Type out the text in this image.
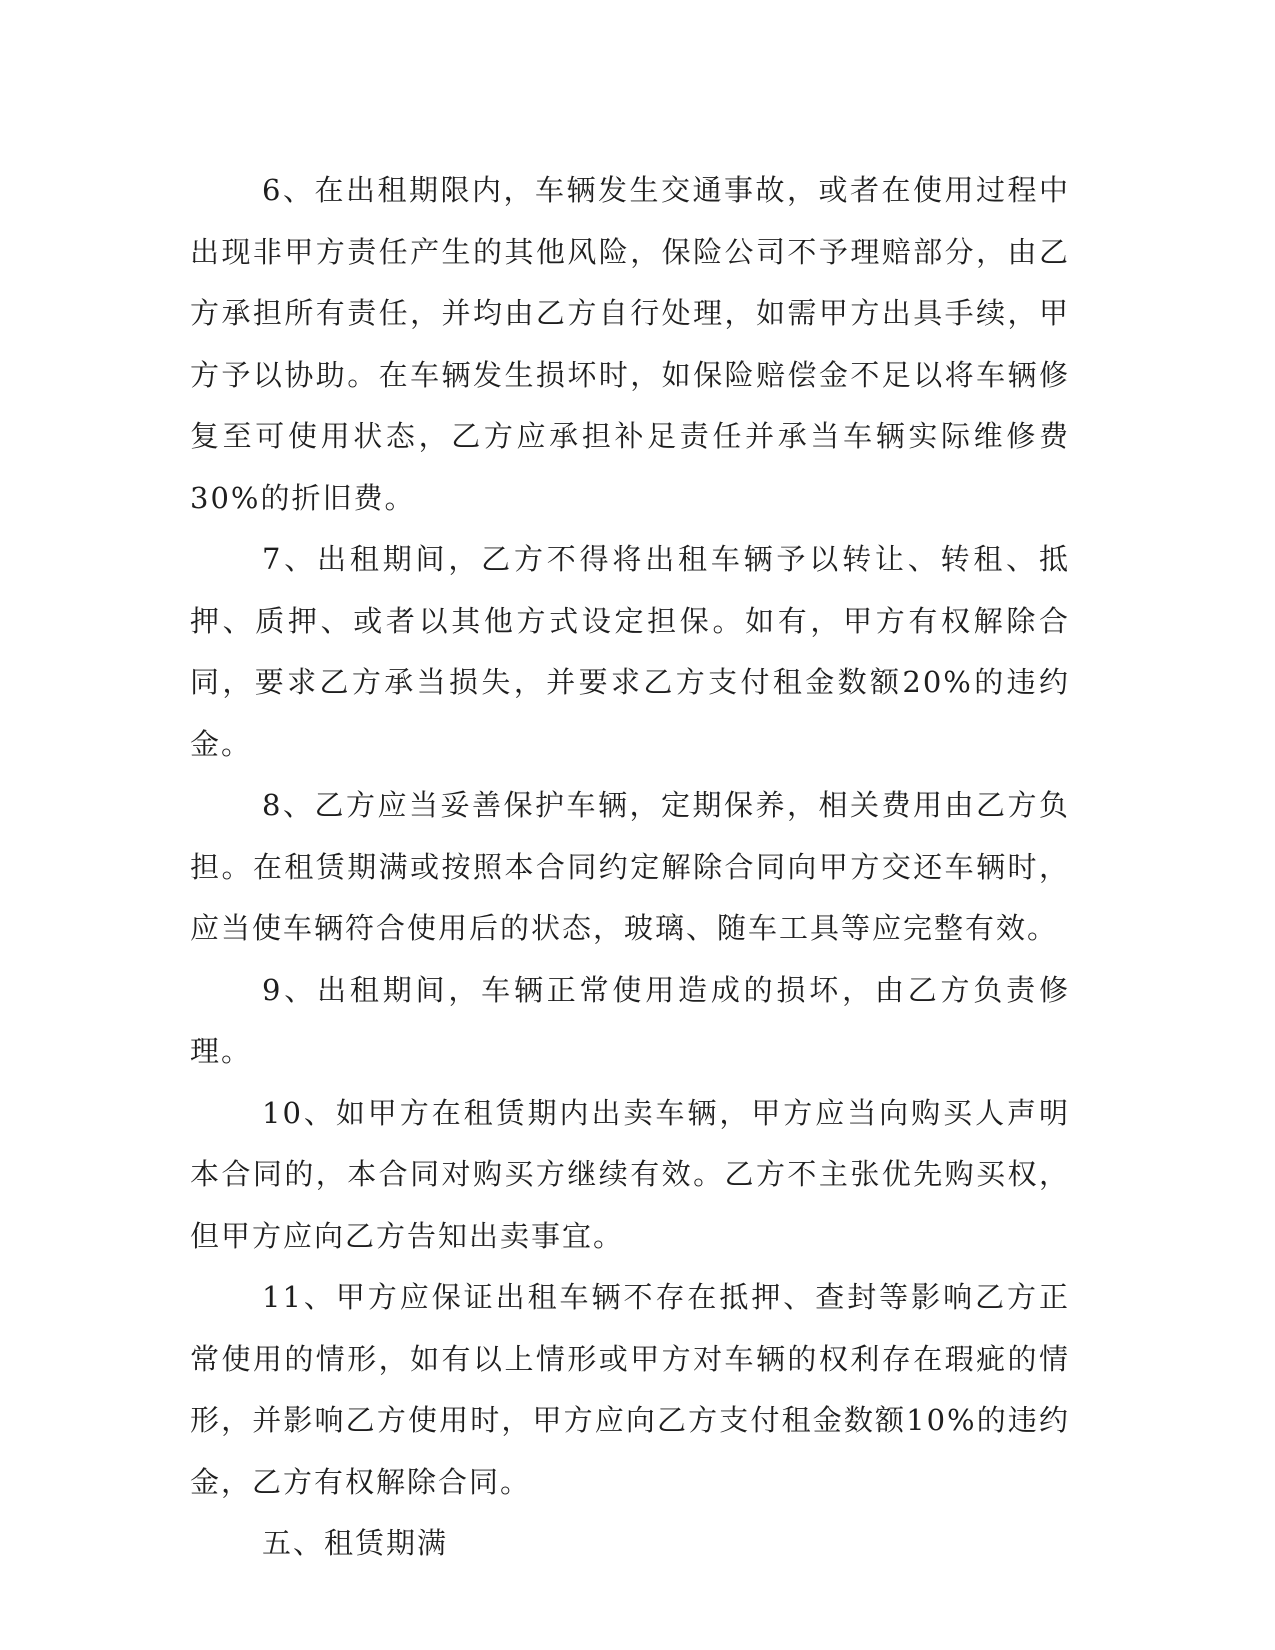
6、在出租期限内，车辆发生交通事故，或者在使用过程中出现非甲方责任产生的其他风险，保险公司不予理赔部分，由乙方承担所有责任，并均由乙方自行处理，如需甲方出具手续，甲方予以协助。在车辆发生损坏时，如保险赔偿金不足以将车辆修复至可使用状态，乙方应承担补足责任并承当车辆实际维修费30%的折旧费。

7、出租期间，乙方不得将出租车辆予以转让、转租、抵押、质押、或者以其他方式设定担保。如有，甲方有权解除合同，要求乙方承当损失，并要求乙方支付租金数额20%的违约金。

8、乙方应当妥善保护车辆，定期保养，相关费用由乙方负担。在租赁期满或按照本合同约定解除合同向甲方交还车辆时，应当使车辆符合使用后的状态，玻璃、随车工具等应完整有效。

9、出租期间，车辆正常使用造成的损坏，由乙方负责修理。

10、如甲方在租赁期内出卖车辆，甲方应当向购买人声明本合同的，本合同对购买方继续有效。乙方不主张优先购买权，但甲方应向乙方告知出卖事宜。

11、甲方应保证出租车辆不存在抵押、查封等影响乙方正常使用的情形，如有以上情形或甲方对车辆的权利存在瑕疵的情形，并影响乙方使用时，甲方应向乙方支付租金数额10%的违约金，乙方有权解除合同。

五、租赁期满
